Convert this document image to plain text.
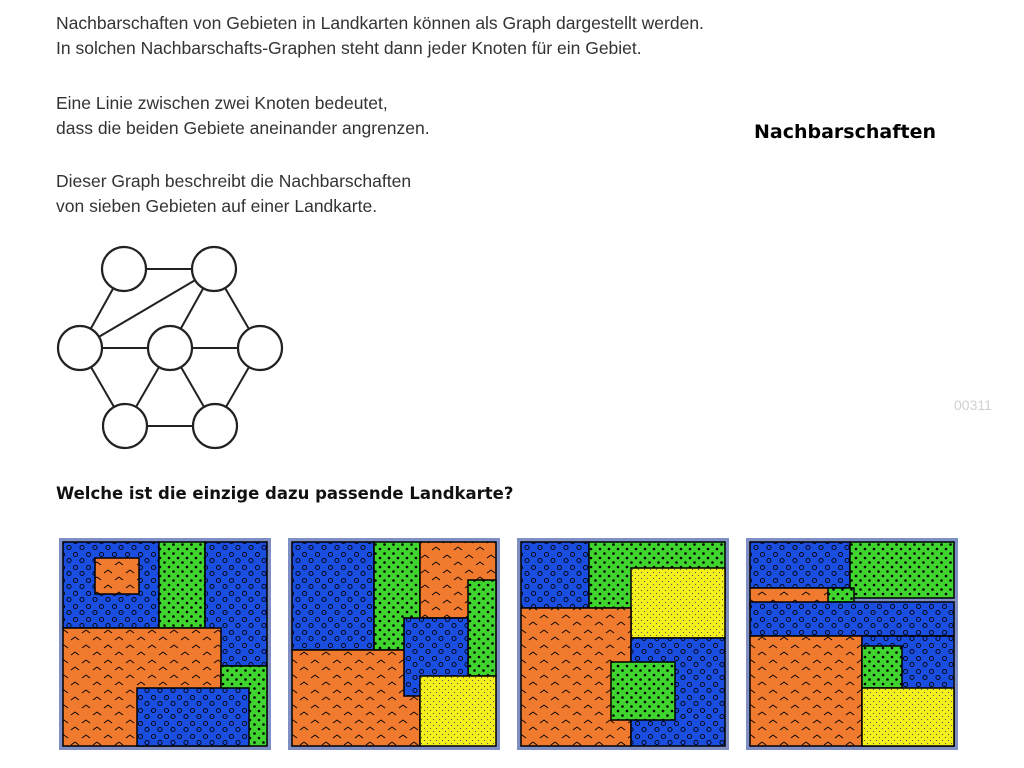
Nachbarschaften von Gebieten in Landkarten können als Graph dargestellt werden.
In solchen Nachbarschafts-Graphen steht dann jeder Knoten für ein Gebiet.
Eine Linie zwischen zwei Knoten bedeutet,
dass die beiden Gebiete aneinander angrenzen.
Dieser Graph beschreibt die Nachbarschaften
von sieben Gebieten auf einer Landkarte.
Nachbarschaften
00311

Welche ist die einzige dazu passende Landkarte?
